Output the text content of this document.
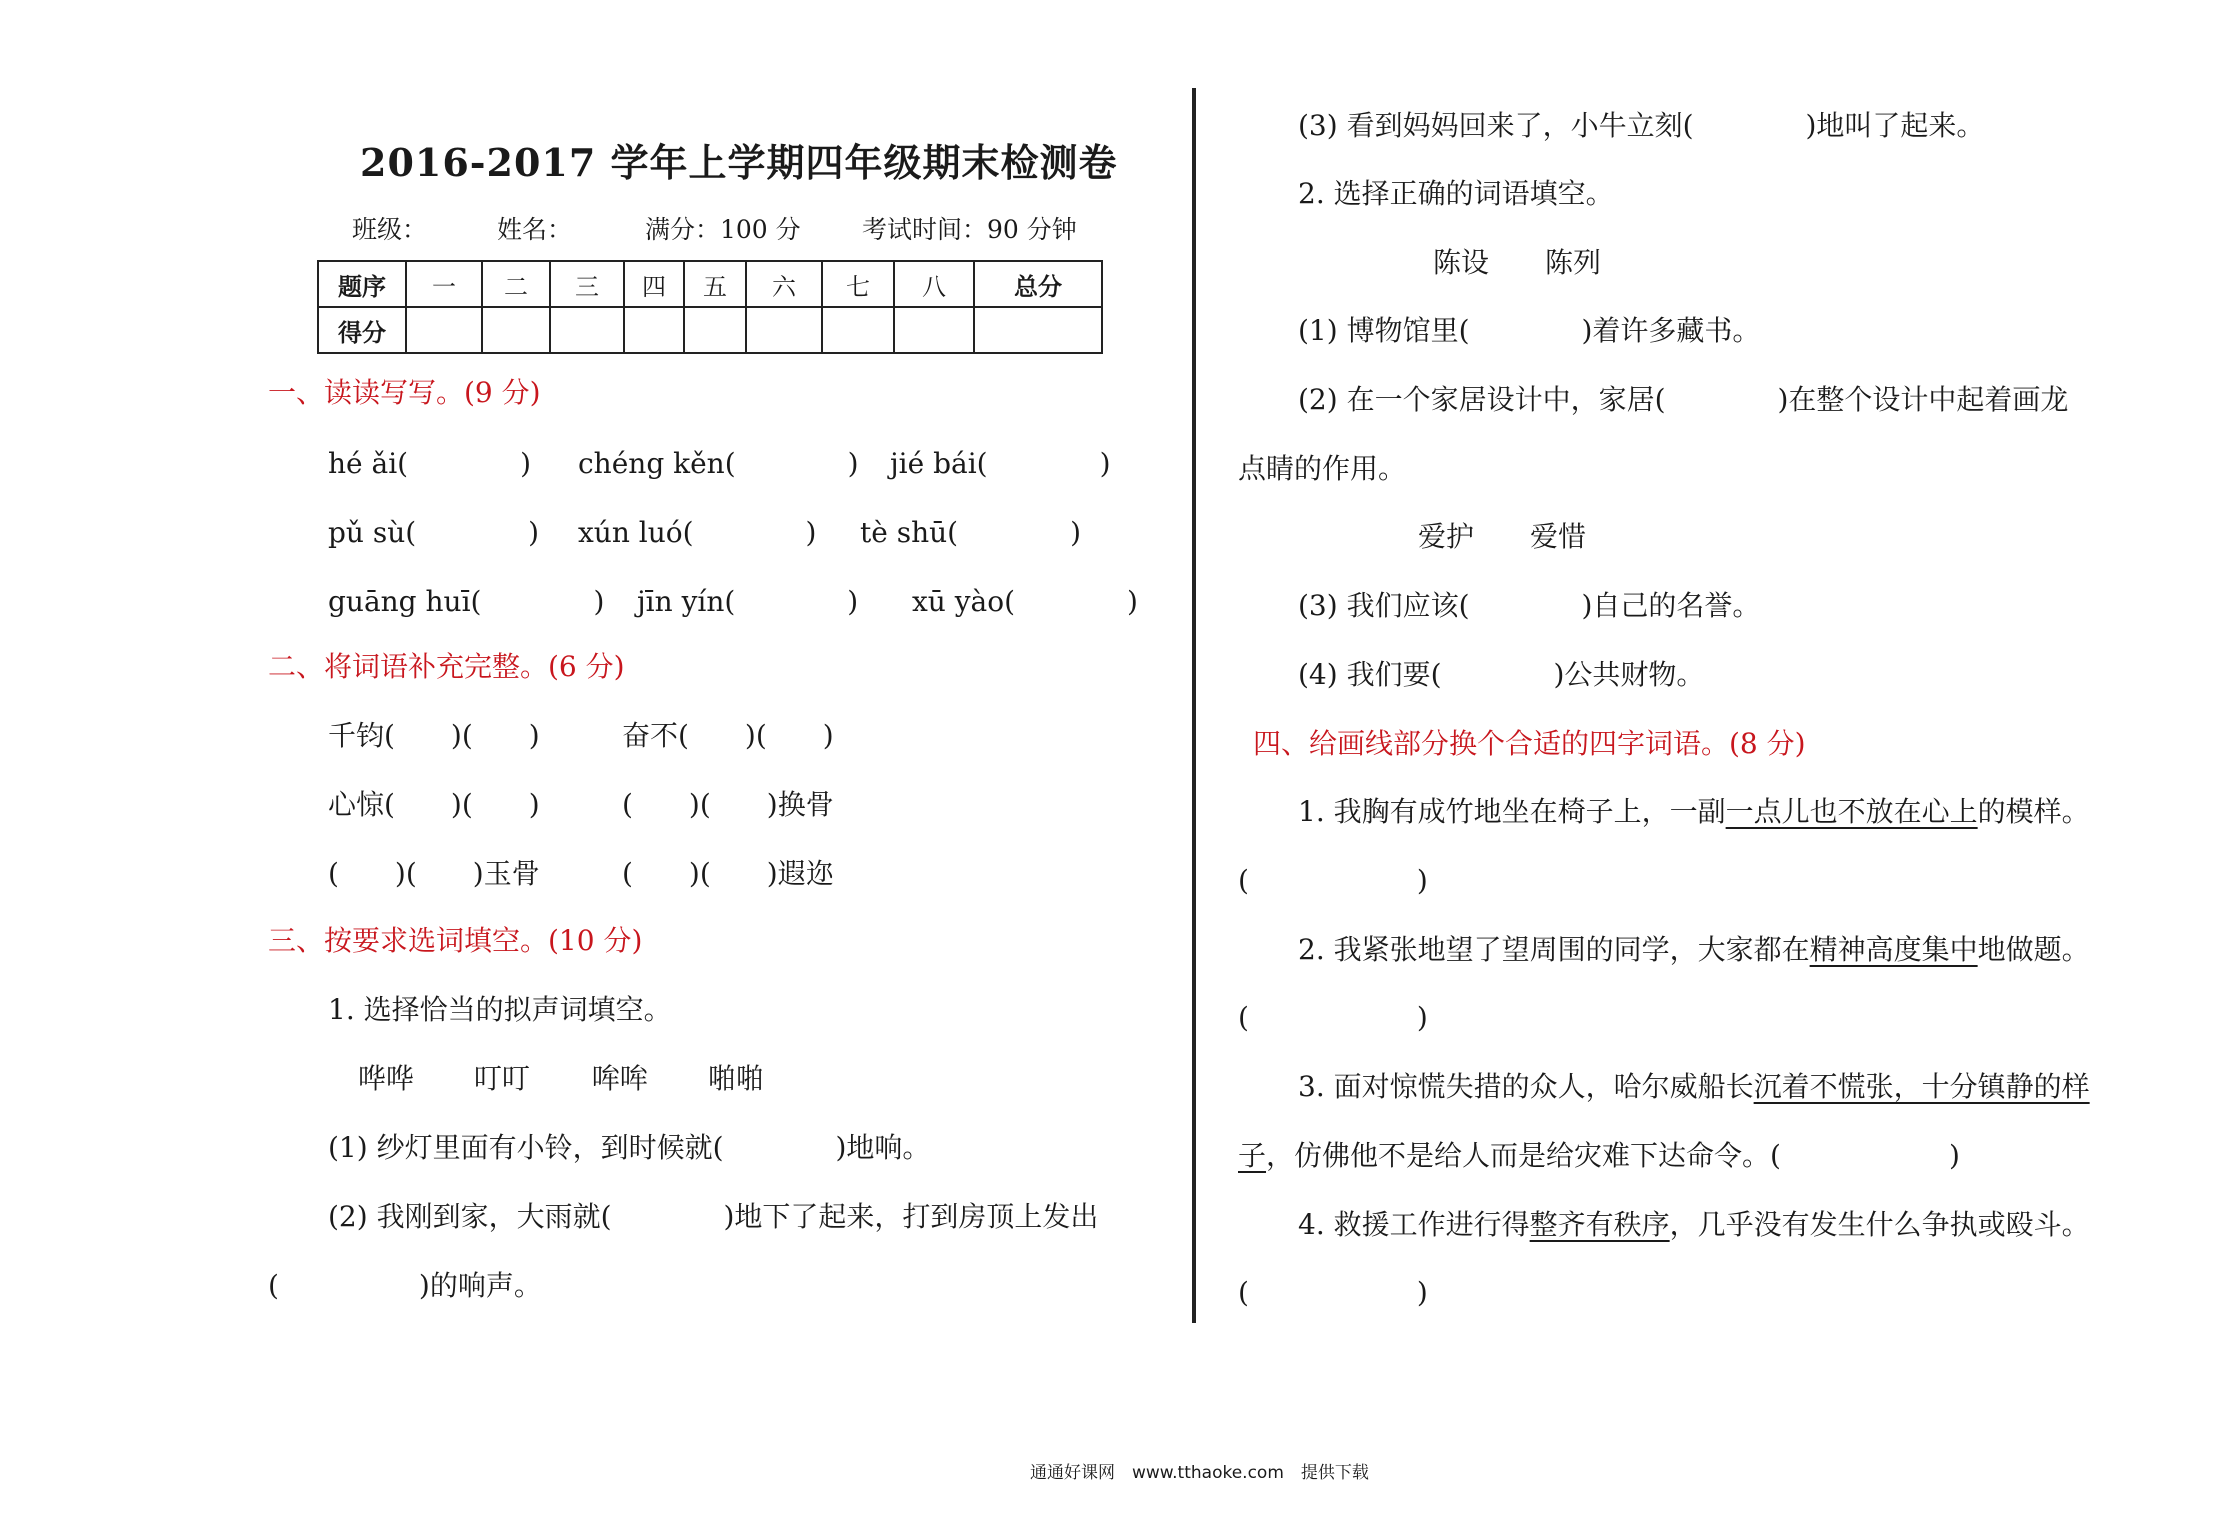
2016-2017 学年上学期四年级期末检测卷
班级：	姓名：	满分：100 分 考试时间：90 分钟
题序	一	二	三	四	五	六	七	八	总分
得分									
一、读读写写。(9 分)
hé ǎi(　　　　) chéng kěn(　　　　) jié bái(　　　　)
pǔ sù(　　　　) xún luó(　　　　) tè shū(　　　　)
guāng huī(　　　　) jīn yín(　　　　) xū yào(　　　　)
二、将词语补充完整。(6 分)
千钧(　　)(　　)	奋不(　　)(　　)
心惊(　　)(　　)	(　　)(　　)换骨
(　　)(　　)玉骨	(　　)(　　)遐迩
三、按要求选词填空。(10 分)
1. 选择恰当的拟声词填空。
哗哗 叮叮 哞哞 啪啪
(1) 纱灯里面有小铃，到时候就(　　　　)地响。
(2) 我刚到家，大雨就(　　　　)地下了起来，打到房顶上发出
(　　　　　)的响声。
(3) 看到妈妈回来了，小牛立刻(　　　　)地叫了起来。
2. 选择正确的词语填空。
陈设 陈列
(1) 博物馆里(　　　　)着许多藏书。
(2) 在一个家居设计中，家居(　　　　)在整个设计中起着画龙
点睛的作用。
爱护 爱惜
(3) 我们应该(　　　　)自己的名誉。
(4) 我们要(　　　　)公共财物。
四、给画线部分换个合适的四字词语。(8 分)
1. 我胸有成竹地坐在椅子上，一副一点儿也不放在心上的模样。
(　　　　　　)
2. 我紧张地望了望周围的同学，大家都在精神高度集中地做题。
(　　　　　　)
3. 面对惊慌失措的众人，哈尔威船长沉着不慌张，十分镇静的样
子，仿佛他不是给人而是给灾难下达命令。(　　　　　　)
4. 救援工作进行得整齐有秩序，几乎没有发生什么争执或殴斗。
(　　　　　　)
通通好课网　www.tthaoke.com　提供下载
